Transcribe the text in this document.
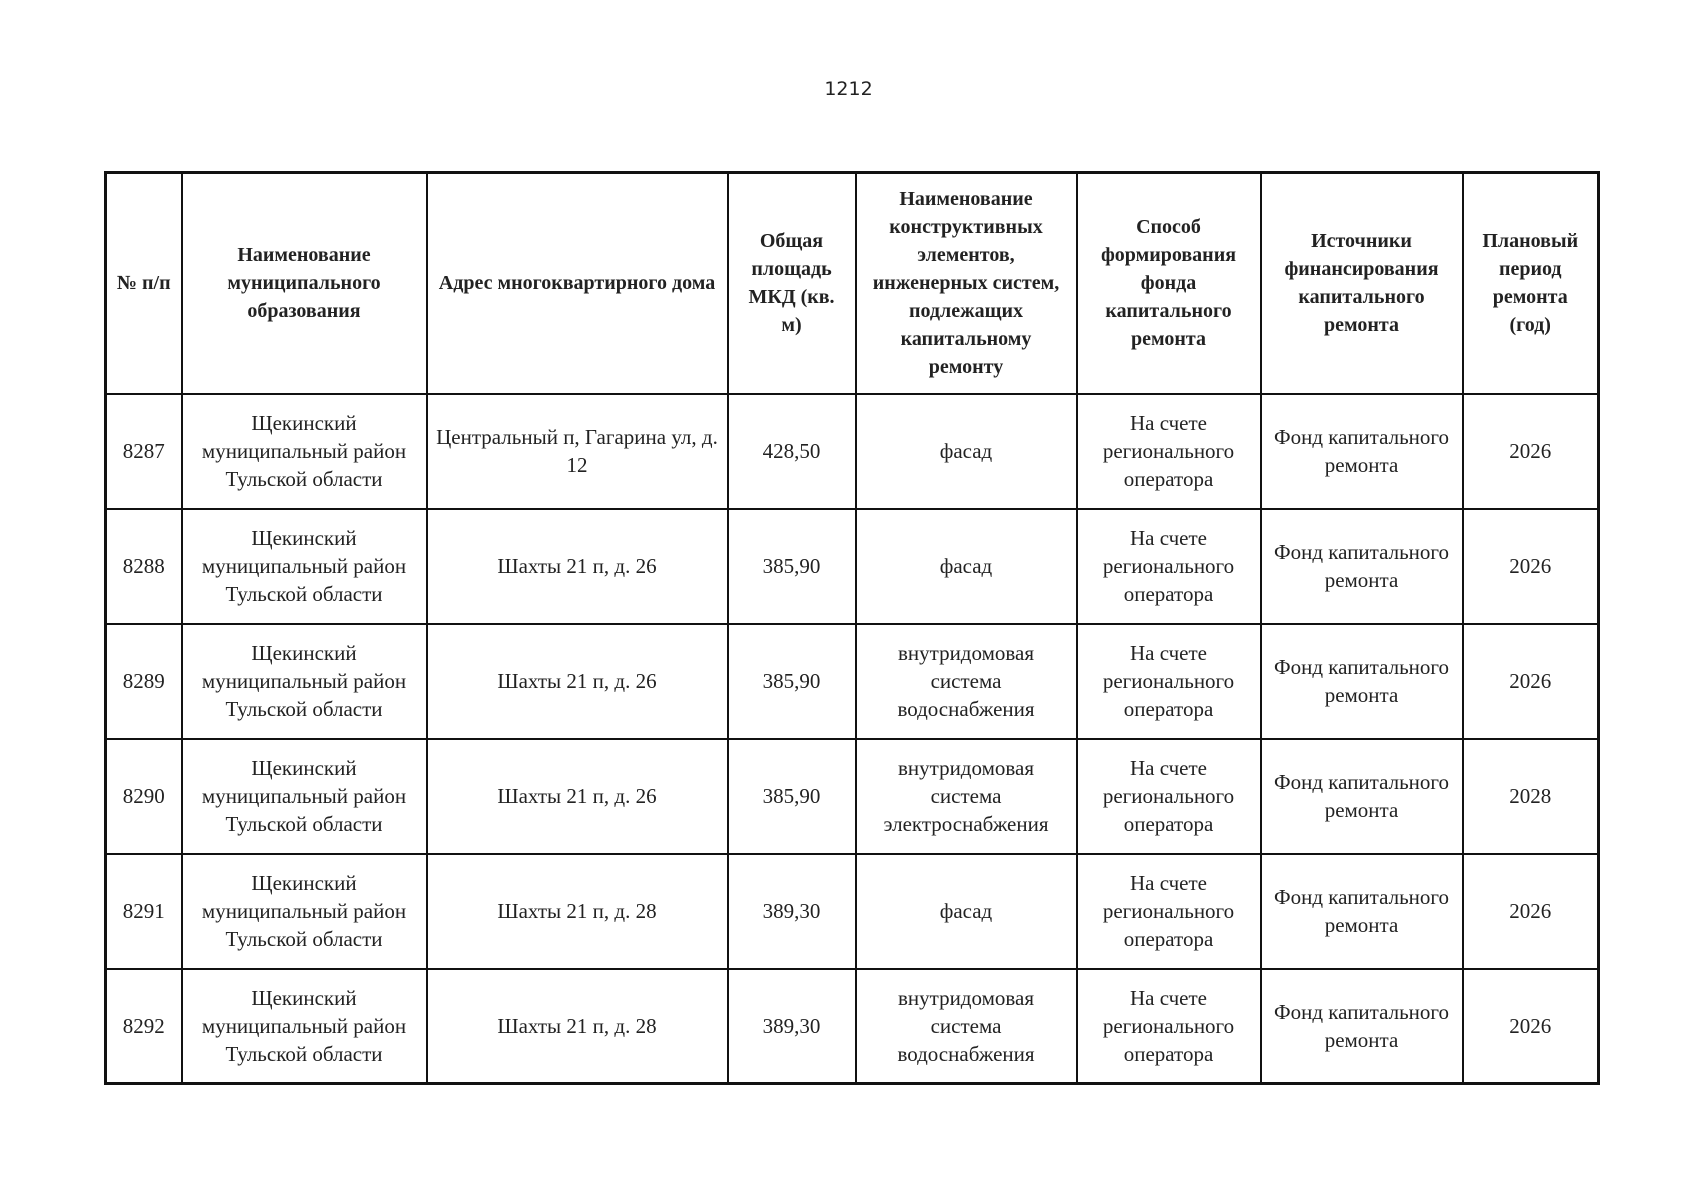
1212
№ п/п	Наименование муниципального образования	Адрес многоквартирного дома	Общая площадь МКД (кв. м)	Наименование конструктивных элементов, инженерных систем, подлежащих капитальному ремонту	Способ формирования фонда капитального ремонта	Источники финансирования капитального ремонта	Плановый период ремонта (год)
8287	Щекинский муниципальный район Тульской области	Центральный п, Гагарина ул, д. 12	428,50	фасад	На счете регионального оператора	Фонд капитального ремонта	2026
8288	Щекинский муниципальный район Тульской области	Шахты 21 п, д. 26	385,90	фасад	На счете регионального оператора	Фонд капитального ремонта	2026
8289	Щекинский муниципальный район Тульской области	Шахты 21 п, д. 26	385,90	внутридомовая система водоснабжения	На счете регионального оператора	Фонд капитального ремонта	2026
8290	Щекинский муниципальный район Тульской области	Шахты 21 п, д. 26	385,90	внутридомовая система электроснабжения	На счете регионального оператора	Фонд капитального ремонта	2028
8291	Щекинский муниципальный район Тульской области	Шахты 21 п, д. 28	389,30	фасад	На счете регионального оператора	Фонд капитального ремонта	2026
8292	Щекинский муниципальный район Тульской области	Шахты 21 п, д. 28	389,30	внутридомовая система водоснабжения	На счете регионального оператора	Фонд капитального ремонта	2026
